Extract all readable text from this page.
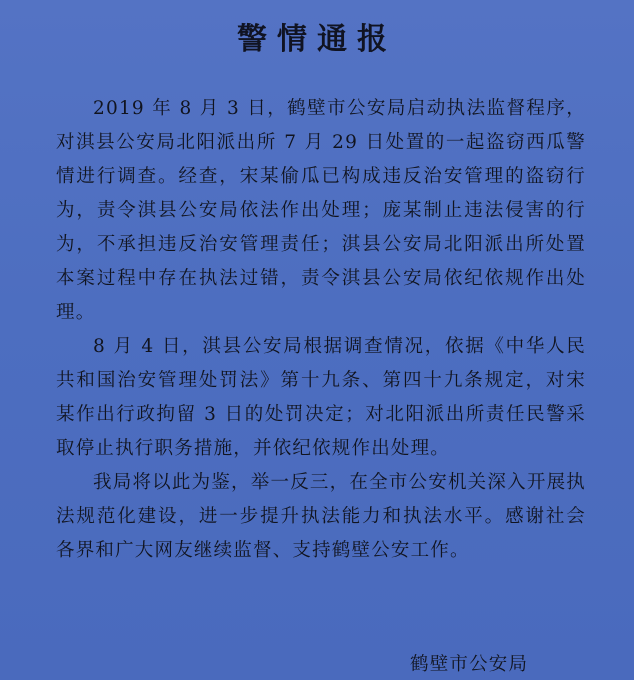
警情通报

2019 年 8 月 3 日，鹤壁市公安局启动执法监督程序，对淇县公安局北阳派出所 7 月 29 日处置的一起盗窃西瓜警情进行调查。经查，宋某偷瓜已构成违反治安管理的盗窃行为，责令淇县公安局依法作出处理；庞某制止违法侵害的行为，不承担违反治安管理责任；淇县公安局北阳派出所处置本案过程中存在执法过错，责令淇县公安局依纪依规作出处理。

8 月 4 日，淇县公安局根据调查情况，依据《中华人民共和国治安管理处罚法》第十九条、第四十九条规定，对宋某作出行政拘留 3 日的处罚决定；对北阳派出所责任民警采取停止执行职务措施，并依纪依规作出处理。

我局将以此为鉴，举一反三，在全市公安机关深入开展执法规范化建设，进一步提升执法能力和执法水平。感谢社会各界和广大网友继续监督、支持鹤壁公安工作。

鹤壁市公安局
